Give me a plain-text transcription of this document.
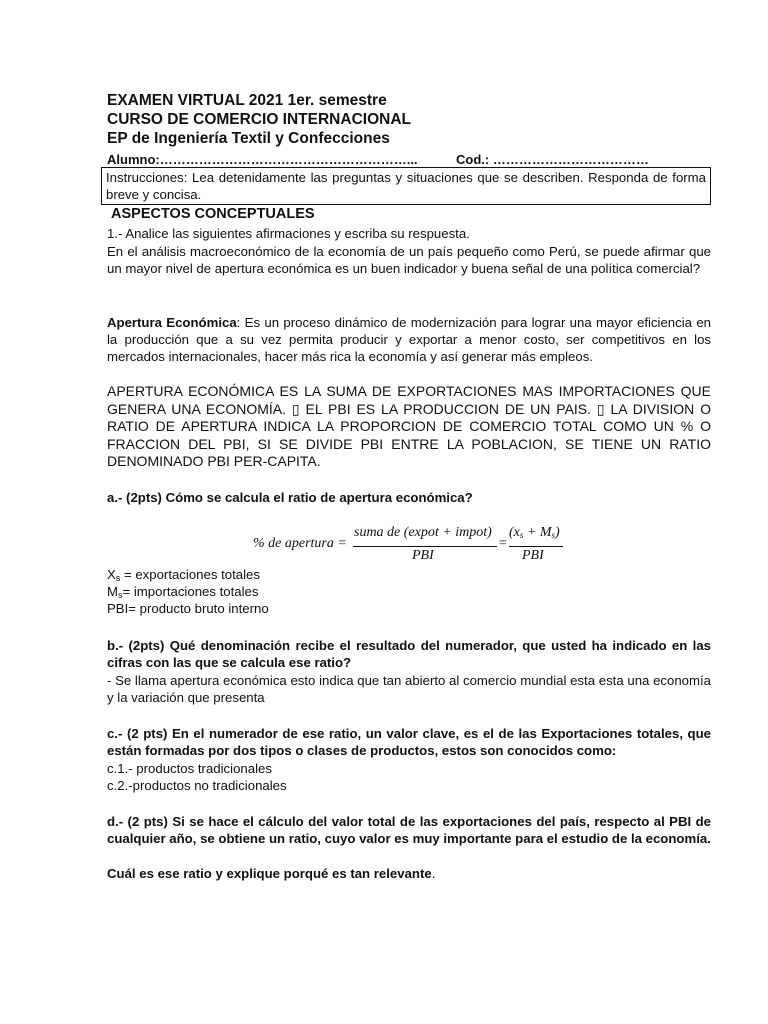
EXAMEN VIRTUAL 2021 1er. semestre
CURSO DE COMERCIO INTERNACIONAL
EP de Ingeniería Textil y Confecciones
Alumno:…………………………………………………...	Cod.: ………………………………
Instrucciones: Lea detenidamente las preguntas y situaciones que se describen. Responda de forma breve y concisa.
ASPECTOS CONCEPTUALES
1.- Analice las siguientes afirmaciones y escriba su respuesta.
En el análisis macroeconómico de la economía de un país pequeño como Perú, se puede afirmar que un mayor nivel de apertura económica es un buen indicador y buena señal de una política comercial?
Apertura Económica: Es un proceso dinámico de modernización para lograr una mayor eficiencia en la producción que a su vez permita producir y exportar a menor costo, ser competitivos en los mercados internacionales, hacer más rica la economía y así generar más empleos.
APERTURA ECONÓMICA ES LA SUMA DE EXPORTACIONES MAS IMPORTACIONES QUE GENERA UNA ECONOMÍA. ▯ EL PBI ES LA PRODUCCION DE UN PAIS. ▯ LA DIVISION O RATIO DE APERTURA INDICA LA PROPORCION DE COMERCIO TOTAL COMO UN % O FRACCION DEL PBI, SI SE DIVIDE PBI ENTRE LA POBLACION, SE TIENE UN RATIO DENOMINADO PBI PER-CAPITA.
a.- (2pts) Cómo se calcula el ratio de apertura económica?
% de apertura =
suma de (expot + impot)
PBI
=
$(x_s + M_s)$
PBI
$X_s$ = exportaciones totales
$M_s=$ importaciones totales
PBI= producto bruto interno
b.- (2pts) Qué denominación recibe el resultado del numerador, que usted ha indicado en las cifras con las que se calcula ese ratio?
- Se llama apertura económica esto indica que tan abierto al comercio mundial esta esta una economía y la variación que presenta
c.- (2 pts) En el numerador de ese ratio, un valor clave, es el de las Exportaciones totales, que están formadas por dos tipos o clases de productos, estos son conocidos como:
c.1.- productos tradicionales
c.2.-productos no tradicionales
d.- (2 pts) Si se hace el cálculo del valor total de las exportaciones del país, respecto al PBI de cualquier año, se obtiene un ratio, cuyo valor es muy importante para el estudio de la economía.
Cuál es ese ratio y explique porqué es tan relevante.
